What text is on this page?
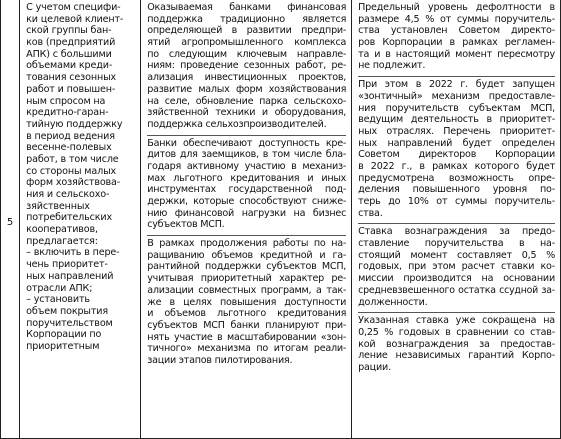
5	
С учетом специфи-
ки целевой клиент-
ской группы бан-
ков (предприятий
АПК) с большими
объемами креди-
тования сезонных
работ и повышен-
ным спросом на
кредитно-гаран-
тийную поддержку
в период ведения
весенне-полевых
работ, в том числе
со стороны малых
форм хозяйствова-
ния и сельскохо-
зяйственных
потребительских
кооперативов,
предлагается:
– включить в пере-
чень приоритет-
ных направлений
отрасли АПК;
– установить
объем покрытия
поручительством
Корпорации по
приоритетным

Оказываемая банками финансовая
поддержка традиционно является
определяющей в развитии предпри-
ятий агропромышленного комплекса
по следующим ключевым направле-
ниям: проведение сезонных работ, ре-
ализация инвестиционных проектов,
развитие малых форм хозяйствования
на селе, обновление парка сельскохо-
зяйственной техники и оборудования,
поддержка сельхозпроизводителей.
Банки обеспечивают доступность кре-
дитов для заемщиков, в том числе бла-
годаря активному участию в механиз-
мах льготного кредитования и иных
инструментах государственной под-
держки, которые способствуют сниже-
нию финансовой нагрузки на бизнес
субъектов МСП.
В рамках продолжения работы по на-
ращиванию объемов кредитной и га-
рантийной поддержки субъектов МСП,
учитывая приоритетный характер ре-
ализации совместных программ, а так-
же в целях повышения доступности
и объемов льготного кредитования
субъектов МСП банки планируют при-
нять участие в масштабировании «зон-
тичного» механизма по итогам реали-
зации этапов пилотирования.

Предельный уровень дефолтности в
размере 4,5 % от суммы поручитель-
ства установлен Советом директо-
ров Корпорации в рамках регламен-
та и в настоящий момент пересмотру
не подлежит.
При этом в 2022 г. будет запущен
«зонтичный» механизм предоставле-
ния поручительств субъектам МСП,
ведущим деятельность в приоритет-
ных отраслях. Перечень приоритет-
ных направлений будет определен
Советом директоров Корпорации
в 2022 г., в рамках которого будет
предусмотрена возможность опре-
деления повышенного уровня по-
терь до 10% от суммы поручитель-
ства.
Ставка вознаграждения за предо-
ставление поручительства в на-
стоящий момент составляет 0,5 %
годовых, при этом расчет ставки ко-
миссии производится на основании
средневзвешенного остатка ссудной за-
долженности.
Указанная ставка уже сокращена на
0,25 % годовых в сравнении со став-
кой вознаграждения за предостав-
ление независимых гарантий Корпо-
рации.
